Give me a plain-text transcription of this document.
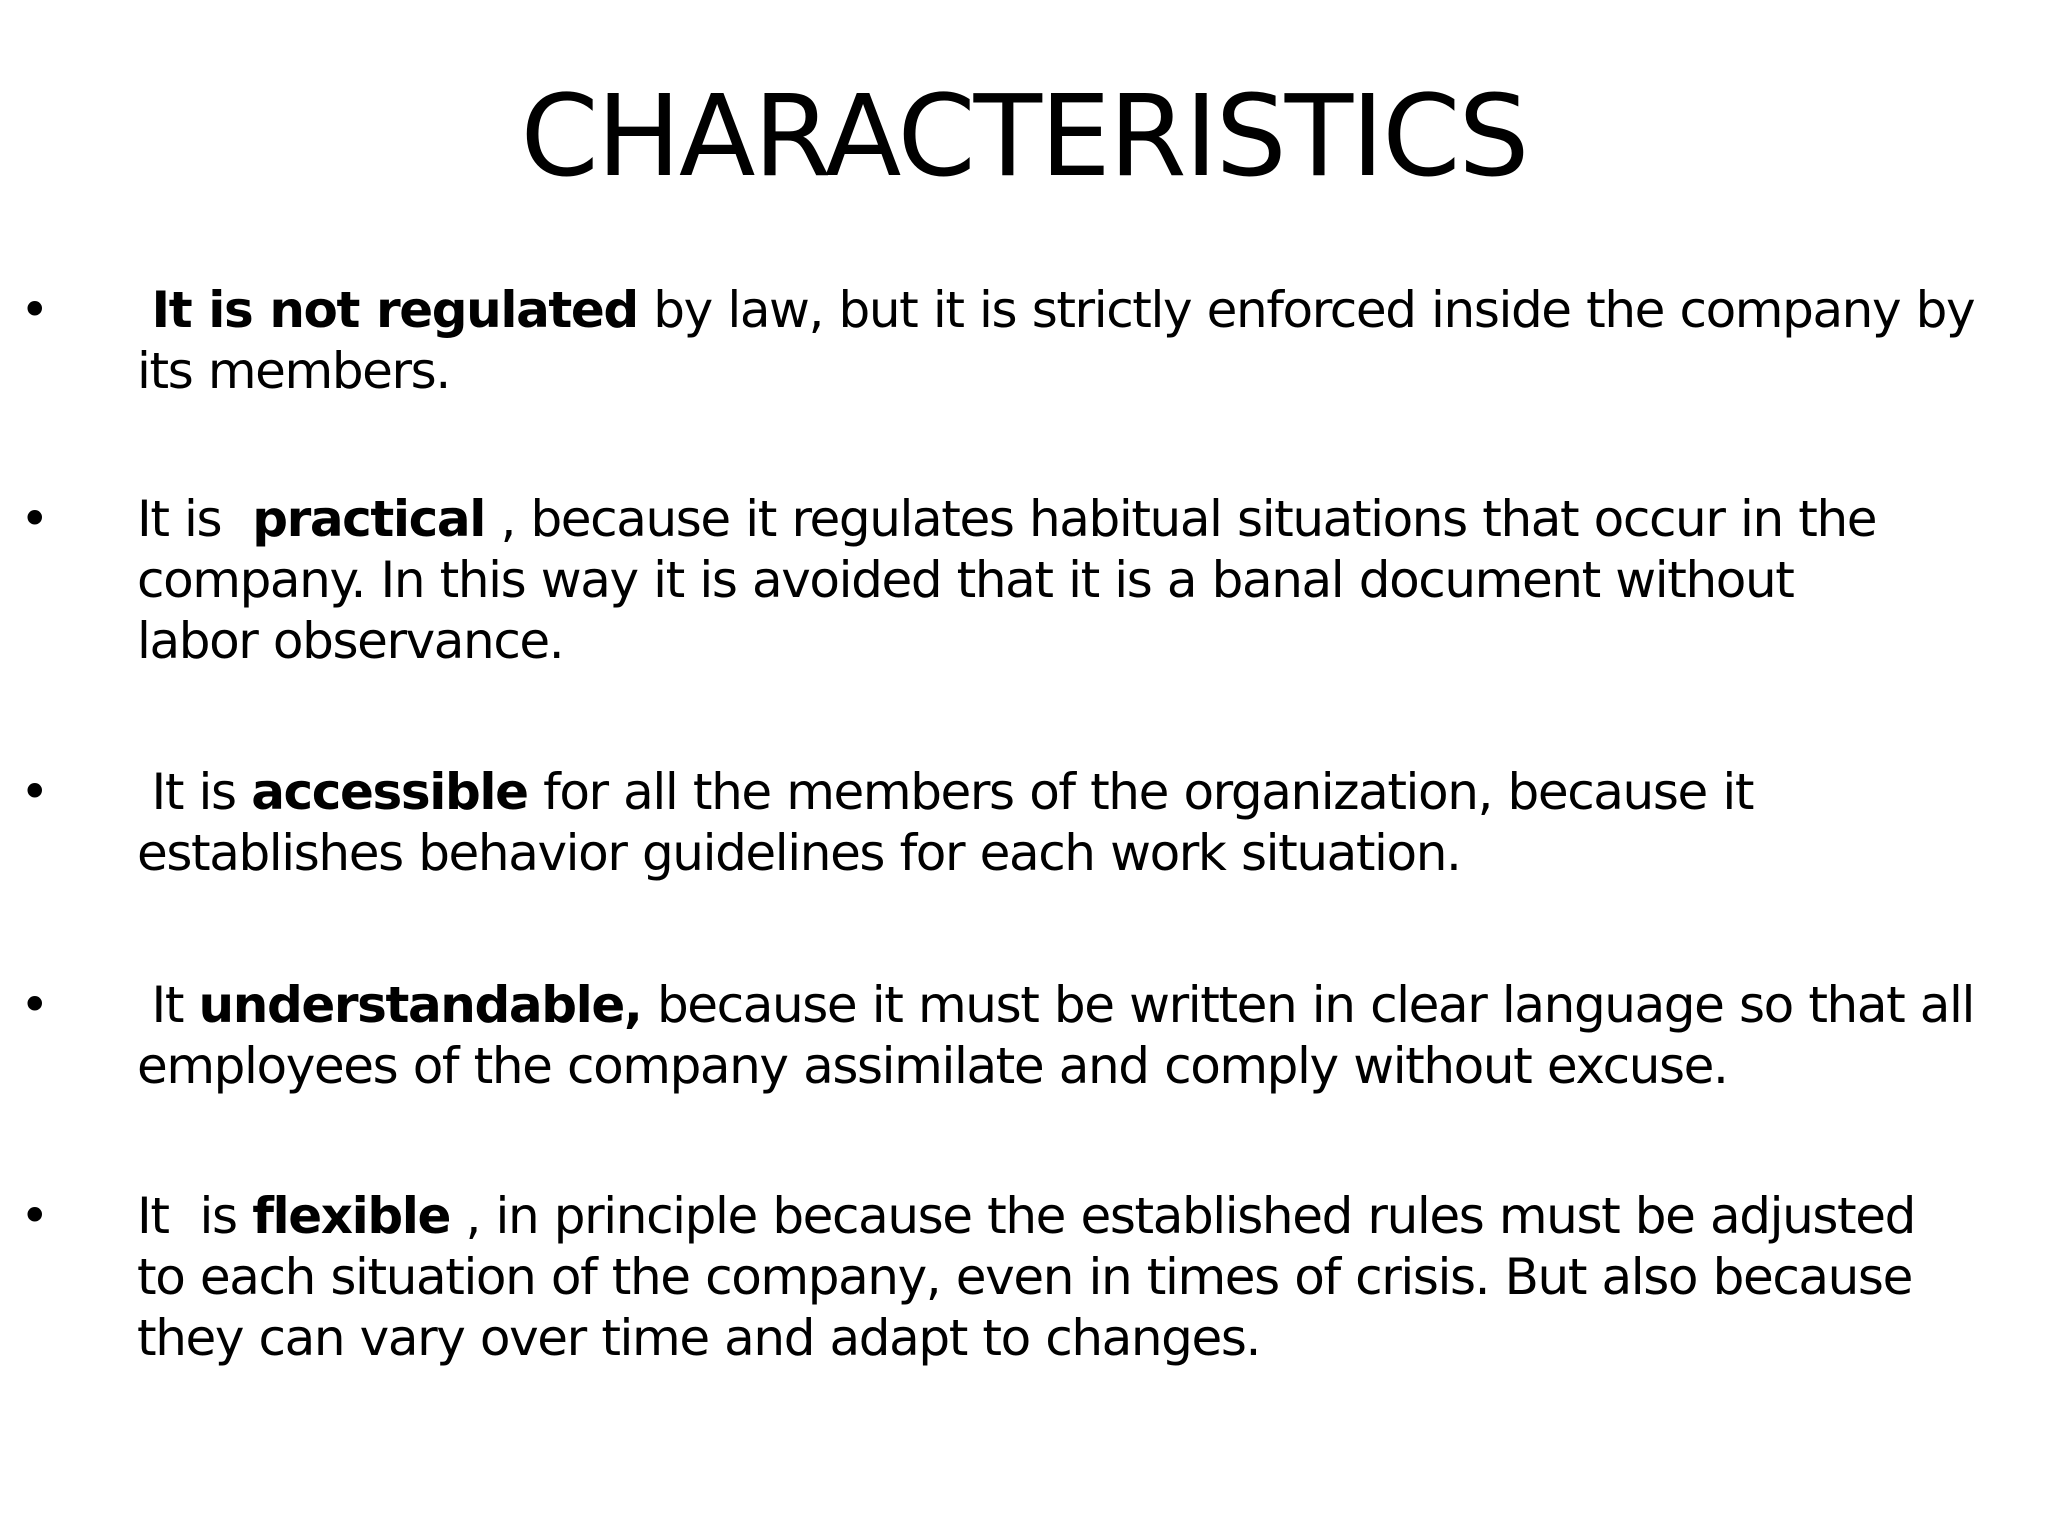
CHARACTERISTICS
• It is not regulated by law, but it is strictly enforced inside the company by
its members.
• It is  practical , because it regulates habitual situations that occur in the
company. In this way it is avoided that it is a banal document without
labor observance.
• It is accessible for all the members of the organization, because it
establishes behavior guidelines for each work situation.
• It understandable, because it must be written in clear language so that all
employees of the company assimilate and comply without excuse.
• It  is flexible , in principle because the established rules must be adjusted
to each situation of the company, even in times of crisis. But also because
they can vary over time and adapt to changes.
